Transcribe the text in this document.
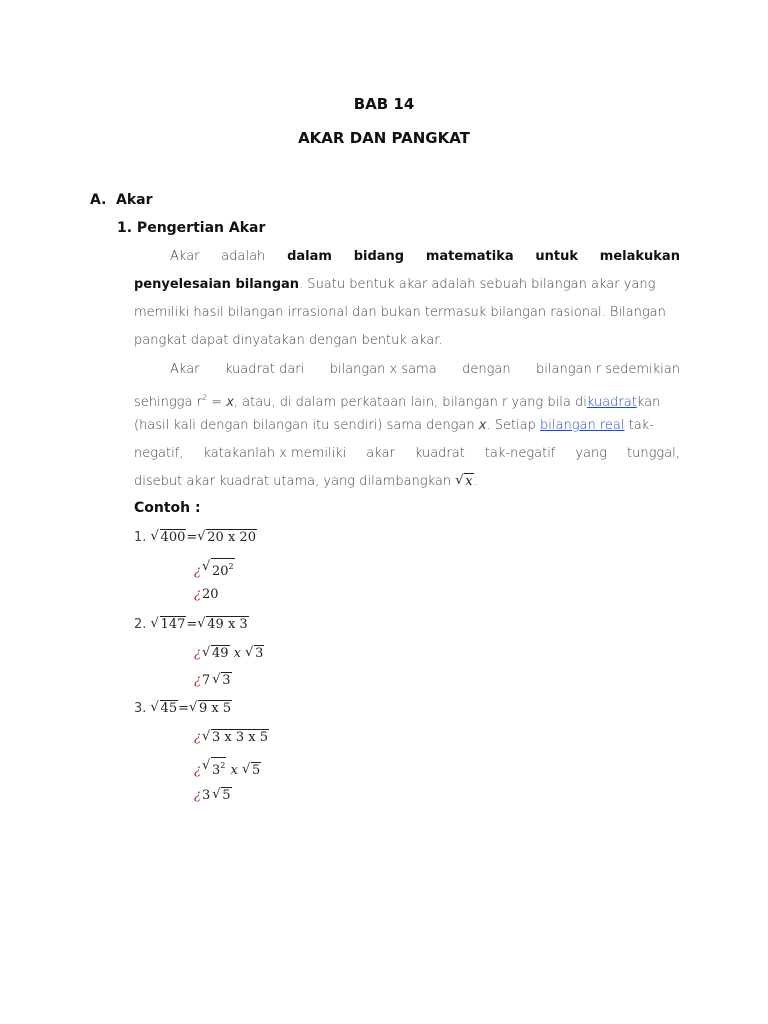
BAB 14
AKAR DAN PANGKAT
A. Akar
1. Pengertian Akar
Akar adalah dalam bidang matematika untuk melakukan
penyelesaian bilangan. Suatu bentuk akar adalah sebuah bilangan akar yang
memiliki hasil bilangan irrasional dan bukan termasuk bilangan rasional. Bilangan
pangkat dapat dinyatakan dengan bentuk akar.
Akar kuadrat dari bilangan x sama dengan bilangan r sedemikian
sehingga $r^2 = x$, atau, di dalam perkataan lain, bilangan r yang bila dikuadratkan
(hasil kali dengan bilangan itu sendiri) sama dengan x. Setiap bilangan real tak-
negatif, katakanlah x memiliki akar kuadrat tak-negatif yang tunggal,
disebut akar kuadrat utama, yang dilambangkan √ x.
Contoh :
1. √ 400= √ 20 x 20
¿ √ $20^2$
¿20
2. √ 147= √ 49 x 3
¿ √ 49 x √ 3
¿7 √ 3
3. √ 45= √ 9 x 5
¿ √ 3 x 3 x 5
¿ √ $3^2$ x √ 5
¿3 √ 5
